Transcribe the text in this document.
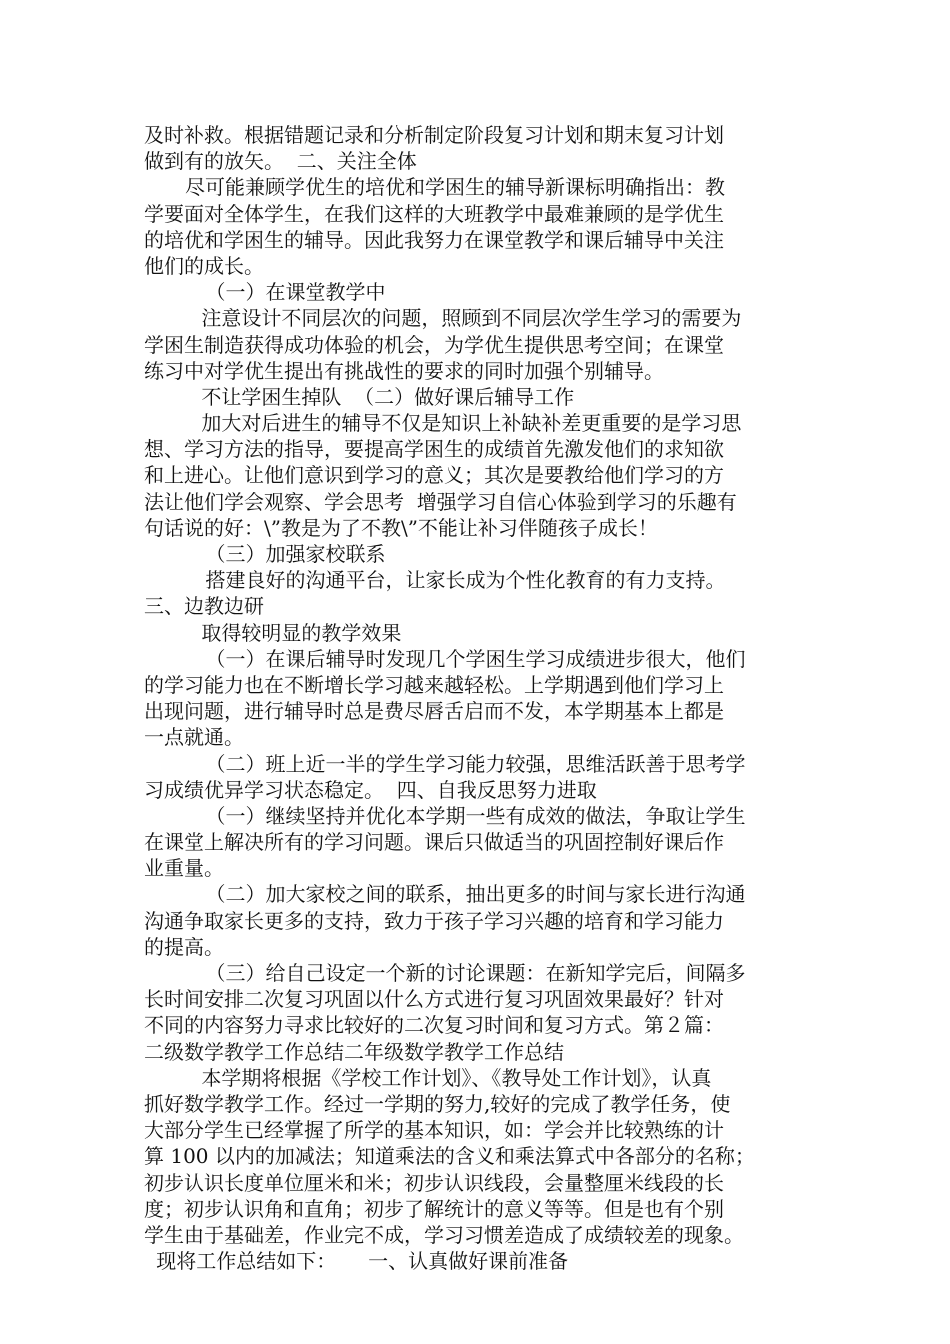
及时补救。根据错题记录和分析制定阶段复习计划和期末复习计划
做到有的放矢。  二、关注全体
尽可能兼顾学优生的培优和学困生的辅导新课标明确指出：教
学要面对全体学生，在我们这样的大班教学中最难兼顾的是学优生
的培优和学困生的辅导。因此我努力在课堂教学和课后辅导中关注
他们的成长。
（一）在课堂教学中
注意设计不同层次的问题，照顾到不同层次学生学习的需要为
学困生制造获得成功体验的机会，为学优生提供思考空间；在课堂
练习中对学优生提出有挑战性的要求的同时加强个别辅导。
不让学困生掉队  （二）做好课后辅导工作
加大对后进生的辅导不仅是知识上补缺补差更重要的是学习思
想、学习方法的指导，要提高学困生的成绩首先激发他们的求知欲
和上进心。让他们意识到学习的意义；其次是要教给他们学习的方
法让他们学会观察、学会思考  增强学习自信心体验到学习的乐趣有
句话说的好：\”教是为了不教\”不能让补习伴随孩子成长！
（三）加强家校联系
搭建良好的沟通平台，让家长成为个性化教育的有力支持。
三、边教边研
取得较明显的教学效果
（一）在课后辅导时发现几个学困生学习成绩进步很大，他们
的学习能力也在不断增长学习越来越轻松。上学期遇到他们学习上
出现问题，进行辅导时总是费尽唇舌启而不发，本学期基本上都是
一点就通。
（二）班上近一半的学生学习能力较强，思维活跃善于思考学
习成绩优异学习状态稳定。  四、自我反思努力进取
（一）继续坚持并优化本学期一些有成效的做法，争取让学生
在课堂上解决所有的学习问题。课后只做适当的巩固控制好课后作
业重量。
（二）加大家校之间的联系，抽出更多的时间与家长进行沟通
沟通争取家长更多的支持，致力于孩子学习兴趣的培育和学习能力
的提高。
（三）给自己设定一个新的讨论课题：在新知学完后，间隔多
长时间安排二次复习巩固以什么方式进行复习巩固效果最好？针对
不同的内容努力寻求比较好的二次复习时间和复习方式。第２篇：
二级数学教学工作总结二年级数学教学工作总结
本学期将根据《学校工作计划》、《教导处工作计划》，认真
抓好数学教学工作。经过一学期的努力,较好的完成了教学任务，使
大部分学生已经掌握了所学的基本知识，如：学会并比较熟练的计
算 100 以内的加减法；知道乘法的含义和乘法算式中各部分的名称；
初步认识长度单位厘米和米；初步认识线段，会量整厘米线段的长
度；初步认识角和直角；初步了解统计的意义等等。但是也有个别
学生由于基础差，作业完不成，学习习惯差造成了成绩较差的现象。
现将工作总结如下：     一、认真做好课前准备
